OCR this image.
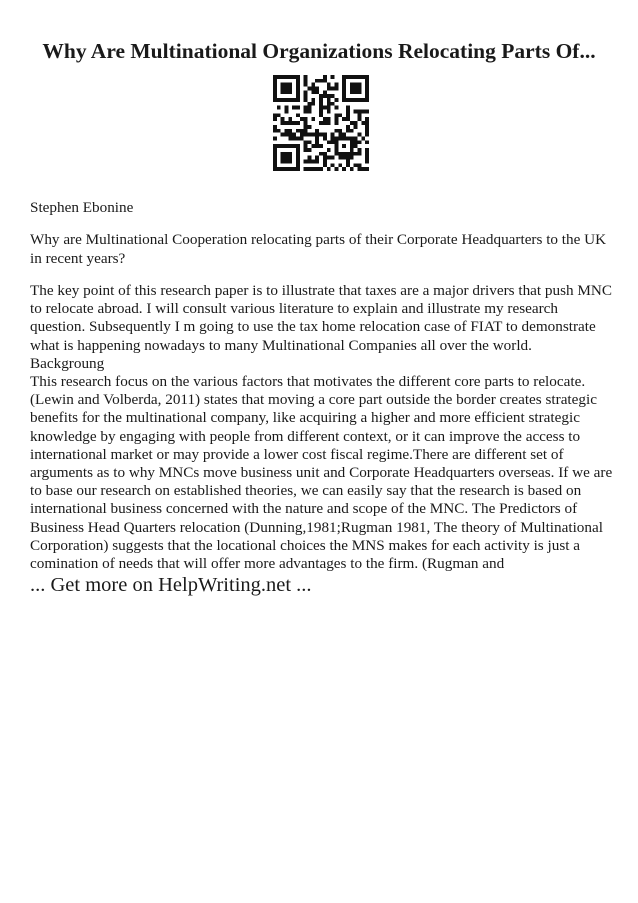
Why Are Multinational Organizations Relocating Parts Of...

Stephen Ebonine

Why are Multinational Cooperation relocating parts of their Corporate Headquarters to the UK in recent years?

The key point of this research paper is to illustrate that taxes are a major drivers that push MNC to relocate abroad. I will consult various literature to explain and illustrate my research question. Subsequently I m going to use the tax home relocation case of FIAT to demonstrate what is happening nowadays to many Multinational Companies all over the world.

Backgroung

This research focus on the various factors that motivates the different core parts to relocate. (Lewin and Volberda, 2011) states that moving a core part outside the border creates strategic benefits for the multinational company, like acquiring a higher and more efficient strategic knowledge by engaging with people from different context, or it can improve the access to international market or may provide a lower cost fiscal regime.There are different set of arguments as to why MNCs move business unit and Corporate Headquarters overseas. If we are to base our research on established theories, we can easily say that the research is based on international business concerned with the nature and scope of the MNC. The Predictors of Business Head Quarters relocation (Dunning,1981;Rugman 1981, The theory of Multinational Corporation) suggests that the locational choices the MNS makes for each activity is just a comination of needs that will offer more advantages to the firm. (Rugman and

... Get more on HelpWriting.net ...
